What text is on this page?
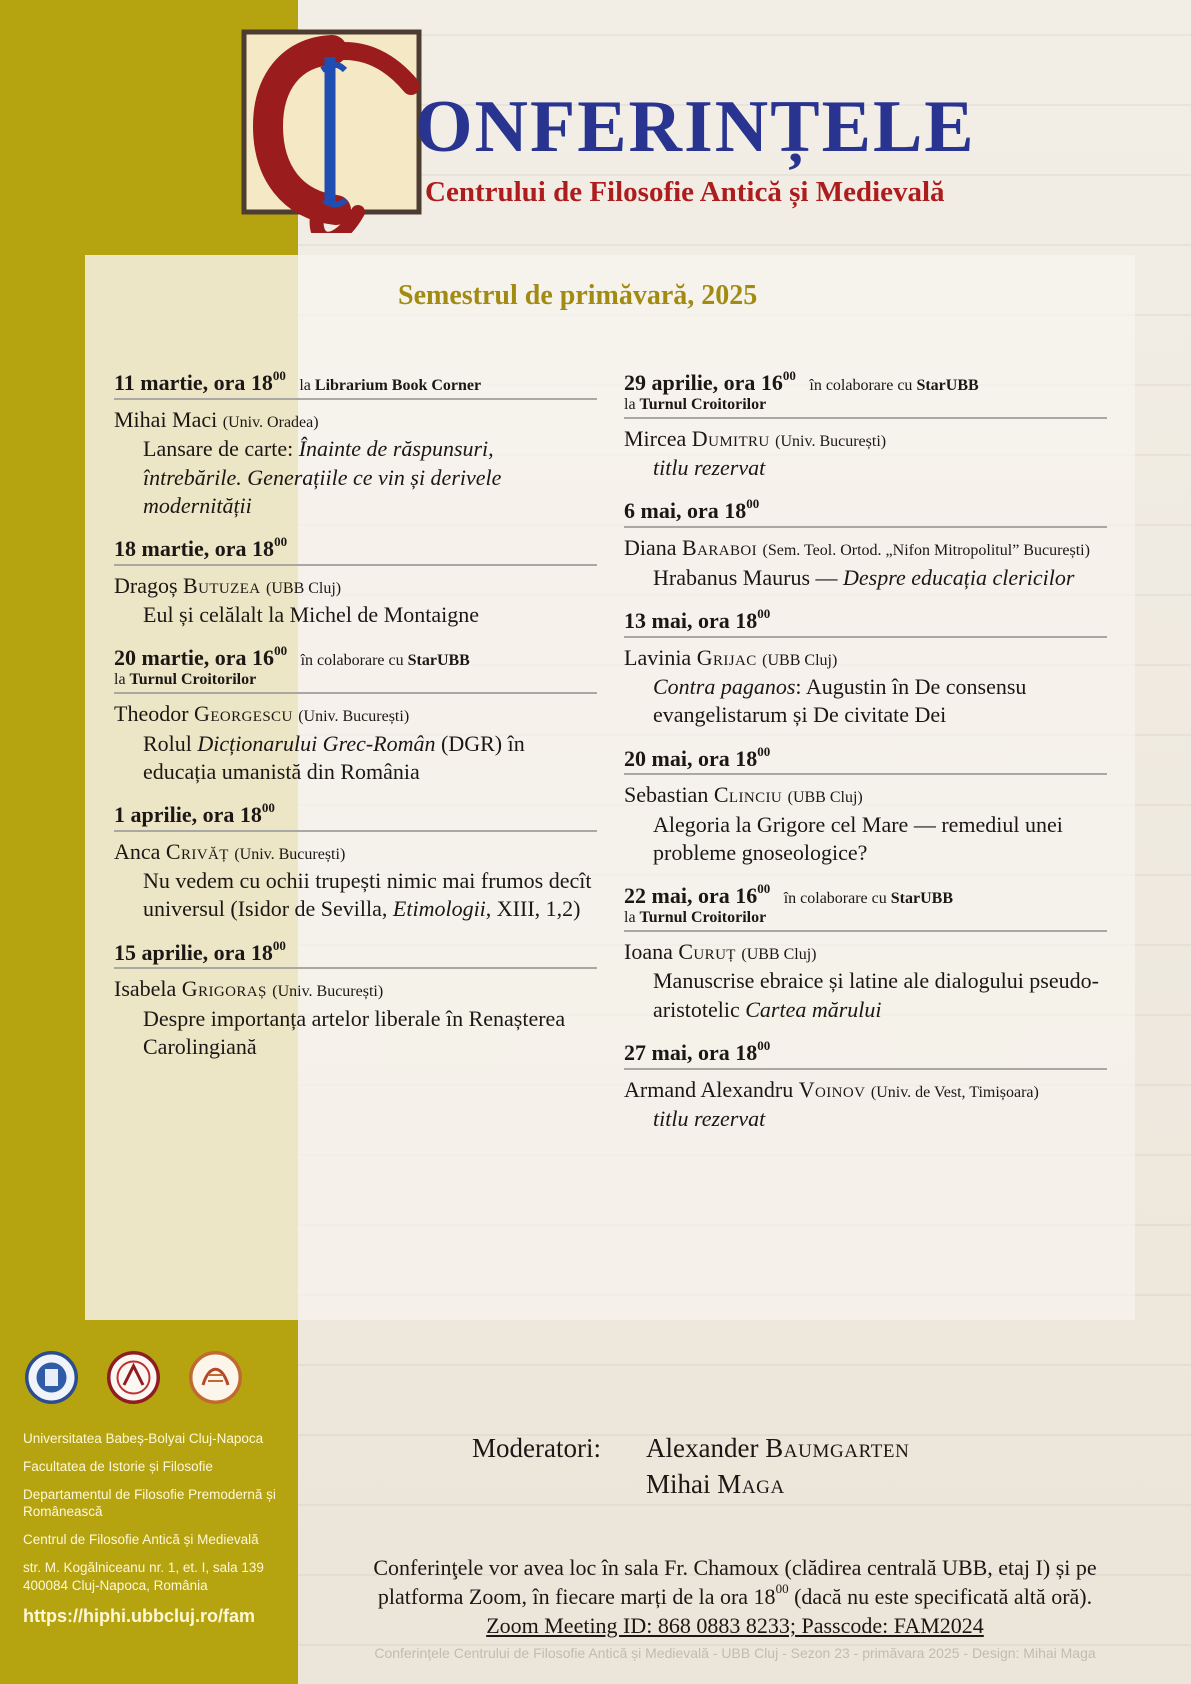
ONFERINȚELE
Centrului de Filosofie Antică și Medievală
Semestrul de primăvară, 2025
11 martie, ora $18^{00}$ la Librarium Book Corner
Mihai Maci (Univ. Oradea)
Lansare de carte: Înainte de răspunsuri, întrebările. Generațiile ce vin și derivele modernității
18 martie, ora $18^{00}$
Dragoș Butuzea (UBB Cluj)
Eul și celălalt la Michel de Montaigne
20 martie, ora $16^{00}$ în colaborare cu StarUBB
la Turnul Croitorilor
Theodor Georgescu (Univ. București)
Rolul Dicționarului Grec-Român (DGR) în educația umanistă din România
1 aprilie, ora $18^{00}$
Anca Crivăț (Univ. București)
Nu vedem cu ochii trupești nimic mai frumos decît universul (Isidor de Sevilla, Etimologii, XIII, 1,2)
15 aprilie, ora $18^{00}$
Isabela Grigoraș (Univ. București)
Despre importanța artelor liberale în Renașterea Carolingiană
29 aprilie, ora $16^{00}$ în colaborare cu StarUBB
la Turnul Croitorilor
Mircea Dumitru (Univ. București)
titlu rezervat
6 mai, ora $18^{00}$
Diana Baraboi (Sem. Teol. Ortod. „Nifon Mitropolitul” București)
Hrabanus Maurus — Despre educația clericilor
13 mai, ora $18^{00}$
Lavinia Grijac (UBB Cluj)
Contra paganos: Augustin în De consensu evangelistarum și De civitate Dei
20 mai, ora $18^{00}$
Sebastian Clinciu (UBB Cluj)
Alegoria la Grigore cel Mare — remediul unei probleme gnoseologice?
22 mai, ora $16^{00}$ în colaborare cu StarUBB
la Turnul Croitorilor
Ioana Curuț (UBB Cluj)
Manuscrise ebraice și latine ale dialogului pseudo-aristotelic Cartea mărului
27 mai, ora $18^{00}$
Armand Alexandru Voinov (Univ. de Vest, Timișoara)
titlu rezervat
Universitatea Babeș-Bolyai Cluj-Napoca
Facultatea de Istorie și Filosofie
Departamentul de Filosofie Premodernă și Românească
Centrul de Filosofie Antică și Medievală
str. M. Kogălniceanu nr. 1, et. I, sala 139 400084 Cluj-Napoca, România
https://hiphi.ubbcluj.ro/fam
Moderatori: Alexander Baumgarten
Mihai Maga
Conferinţele vor avea loc în sala Fr. Chamoux (clădirea centrală UBB, etaj I) și pe
platforma Zoom, în fiecare marți de la ora $18^{00}$ (dacă nu este specificată altă oră).
Zoom Meeting ID: 868 0883 8233; Passcode: FAM2024
Conferințele Centrului de Filosofie Antică și Medievală - UBB Cluj - Sezon 23 - primăvara 2025 - Design: Mihai Maga
